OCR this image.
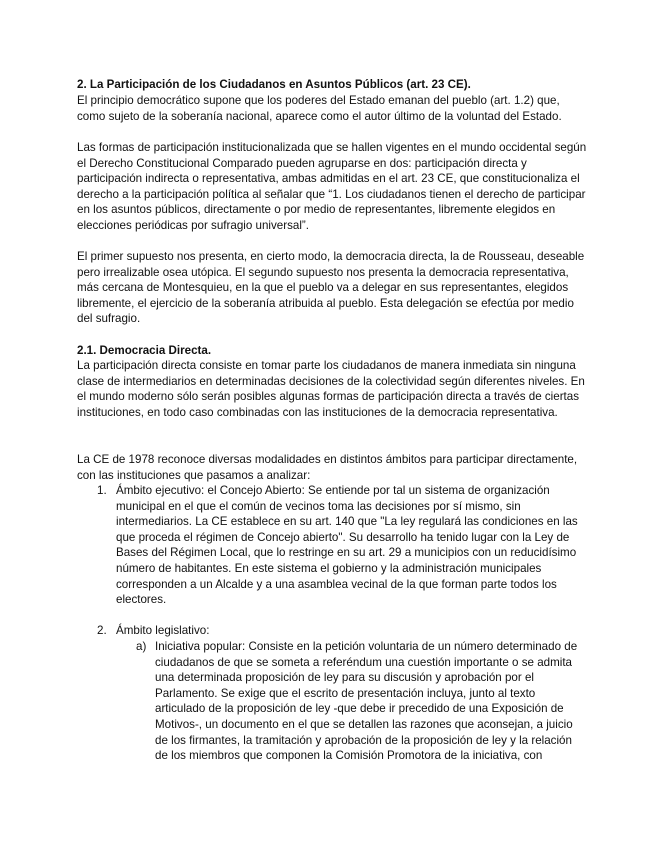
2. La Participación de los Ciudadanos en Asuntos Públicos (art. 23 CE).

El principio democrático supone que los poderes del Estado emanan del pueblo (art. 1.2) que, como sujeto de la soberanía nacional, aparece como el autor último de la voluntad del Estado.

Las formas de participación institucionalizada que se hallen vigentes en el mundo occidental según el Derecho Constitucional Comparado pueden agruparse en dos: participación directa y participación indirecta o representativa, ambas admitidas en el art. 23 CE, que constitucionaliza el derecho a la participación política al señalar que “1. Los ciudadanos tienen el derecho de participar en los asuntos públicos, directamente o por medio de representantes, libremente elegidos en elecciones periódicas por sufragio universal”.

El primer supuesto nos presenta, en cierto modo, la democracia directa, la de Rousseau, deseable pero irrealizable osea utópica. El segundo supuesto nos presenta la democracia representativa, más cercana de Montesquieu, en la que el pueblo va a delegar en sus representantes, elegidos libremente, el ejercicio de la soberanía atribuida al pueblo. Esta delegación se efectúa por medio del sufragio.

2.1. Democracia Directa.

La participación directa consiste en tomar parte los ciudadanos de manera inmediata sin ninguna clase de intermediarios en determinadas decisiones de la colectividad según diferentes niveles. En el mundo moderno sólo serán posibles algunas formas de participación directa a través de ciertas instituciones, en todo caso combinadas con las instituciones de la democracia representativa.

La CE de 1978 reconoce diversas modalidades en distintos ámbitos para participar directamente, con las instituciones que pasamos a analizar:

1. Ámbito ejecutivo: el Concejo Abierto: Se entiende por tal un sistema de organización municipal en el que el común de vecinos toma las decisiones por sí mismo, sin intermediarios. La CE establece en su art. 140 que "La ley regulará las condiciones en las que proceda el régimen de Concejo abierto". Su desarrollo ha tenido lugar con la Ley de Bases del Régimen Local, que lo restringe en su art. 29 a municipios con un reducidísimo número de habitantes. En este sistema el gobierno y la administración municipales corresponden a un Alcalde y a una asamblea vecinal de la que forman parte todos los electores.

2. Ámbito legislativo:

a) Iniciativa popular: Consiste en la petición voluntaria de un número determinado de ciudadanos de que se someta a referéndum una cuestión importante o se admita una determinada proposición de ley para su discusión y aprobación por el Parlamento. Se exige que el escrito de presentación incluya, junto al texto articulado de la proposición de ley -que debe ir precedido de una Exposición de Motivos-, un documento en el que se detallen las razones que aconsejan, a juicio de los firmantes, la tramitación y aprobación de la proposición de ley y la relación de los miembros que componen la Comisión Promotora de la iniciativa, con
